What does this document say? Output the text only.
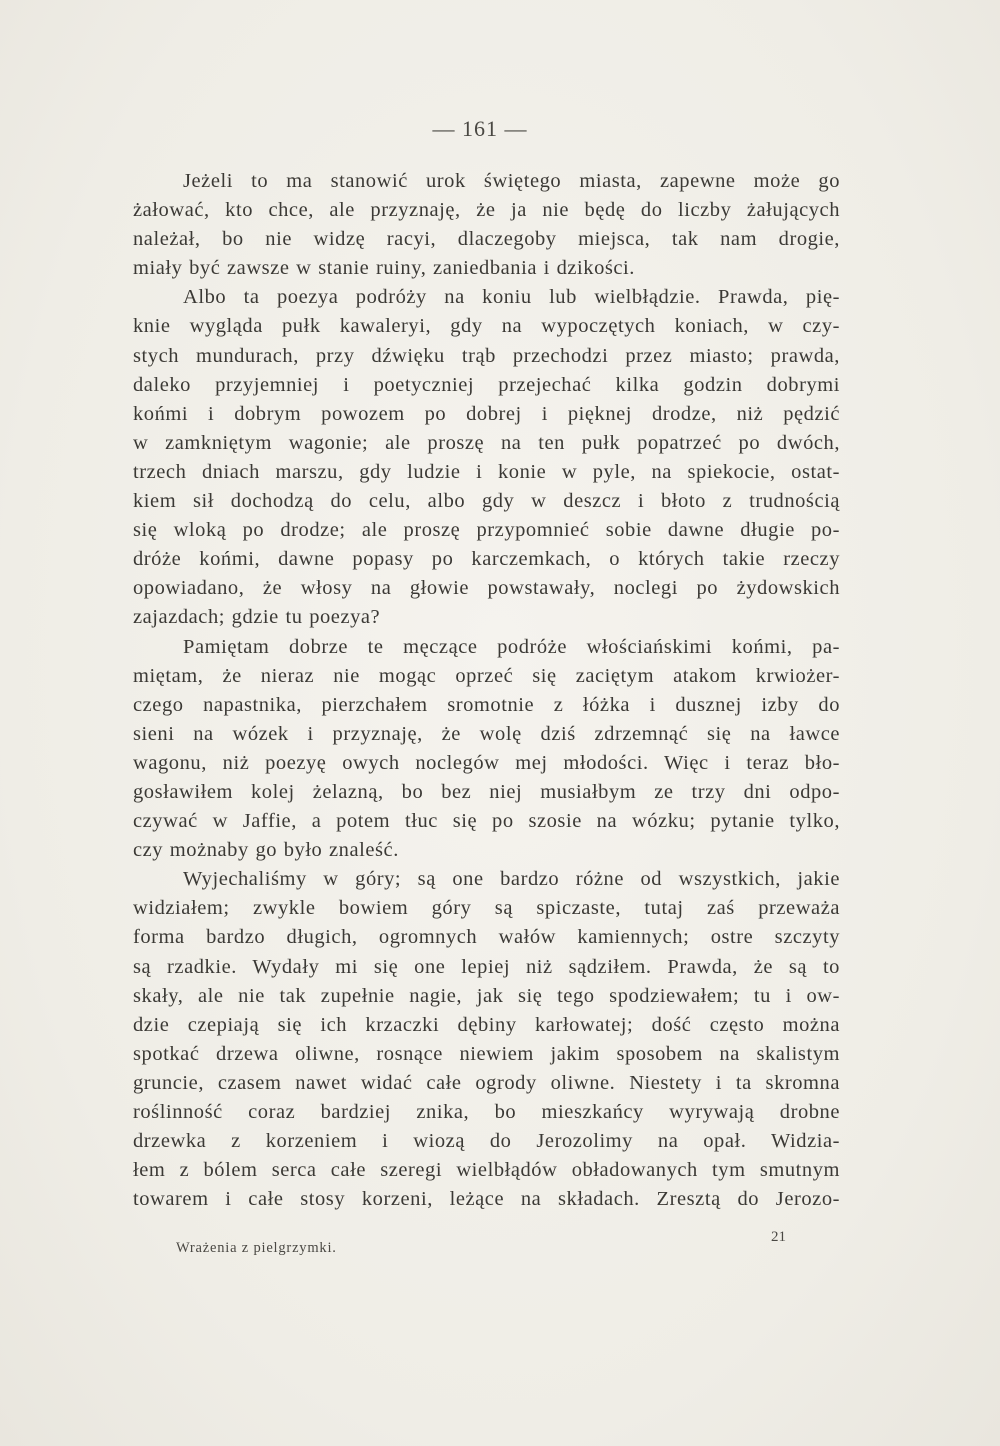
— 161 —
Jeżeli to ma stanowić urok świętego miasta, zapewne może go
żałować, kto chce, ale przyznaję, że ja nie będę do liczby żałujących
należał, bo nie widzę racyi, dlaczegoby miejsca, tak nam drogie,
miały być zawsze w stanie ruiny, zaniedbania i dzikości.
Albo ta poezya podróży na koniu lub wielbłądzie. Prawda, pię-
knie wygląda pułk kawaleryi, gdy na wypoczętych koniach, w czy-
stych mundurach, przy dźwięku trąb przechodzi przez miasto; prawda,
daleko przyjemniej i poetyczniej przejechać kilka godzin dobrymi
końmi i dobrym powozem po dobrej i pięknej drodze, niż pędzić
w zamkniętym wagonie; ale proszę na ten pułk popatrzeć po dwóch,
trzech dniach marszu, gdy ludzie i konie w pyle, na spiekocie, ostat-
kiem sił dochodzą do celu, albo gdy w deszcz i błoto z trudnością
się wloką po drodze; ale proszę przypomnieć sobie dawne długie po-
dróże końmi, dawne popasy po karczemkach, o których takie rzeczy
opowiadano, że włosy na głowie powstawały, noclegi po żydowskich
zajazdach; gdzie tu poezya?
Pamiętam dobrze te męczące podróże włościańskimi końmi, pa-
miętam, że nieraz nie mogąc oprzeć się zaciętym atakom krwiożer-
czego napastnika, pierzchałem sromotnie z łóżka i dusznej izby do
sieni na wózek i przyznaję, że wolę dziś zdrzemnąć się na ławce
wagonu, niż poezyę owych noclegów mej młodości. Więc i teraz bło-
gosławiłem kolej żelazną, bo bez niej musiałbym ze trzy dni odpo-
czywać w Jaffie, a potem tłuc się po szosie na wózku; pytanie tylko,
czy możnaby go było znaleść.
Wyjechaliśmy w góry; są one bardzo różne od wszystkich, jakie
widziałem; zwykle bowiem góry są spiczaste, tutaj zaś przeważa
forma bardzo długich, ogromnych wałów kamiennych; ostre szczyty
są rzadkie. Wydały mi się one lepiej niż sądziłem. Prawda, że są to
skały, ale nie tak zupełnie nagie, jak się tego spodziewałem; tu i ow-
dzie czepiają się ich krzaczki dębiny karłowatej; dość często można
spotkać drzewa oliwne, rosnące niewiem jakim sposobem na skalistym
gruncie, czasem nawet widać całe ogrody oliwne. Niestety i ta skromna
roślinność coraz bardziej znika, bo mieszkańcy wyrywają drobne
drzewka z korzeniem i wiozą do Jerozolimy na opał. Widzia-
łem z bólem serca całe szeregi wielbłądów obładowanych tym smutnym
towarem i całe stosy korzeni, leżące na składach. Zresztą do Jerozo-
Wrażenia z pielgrzymki.
21
